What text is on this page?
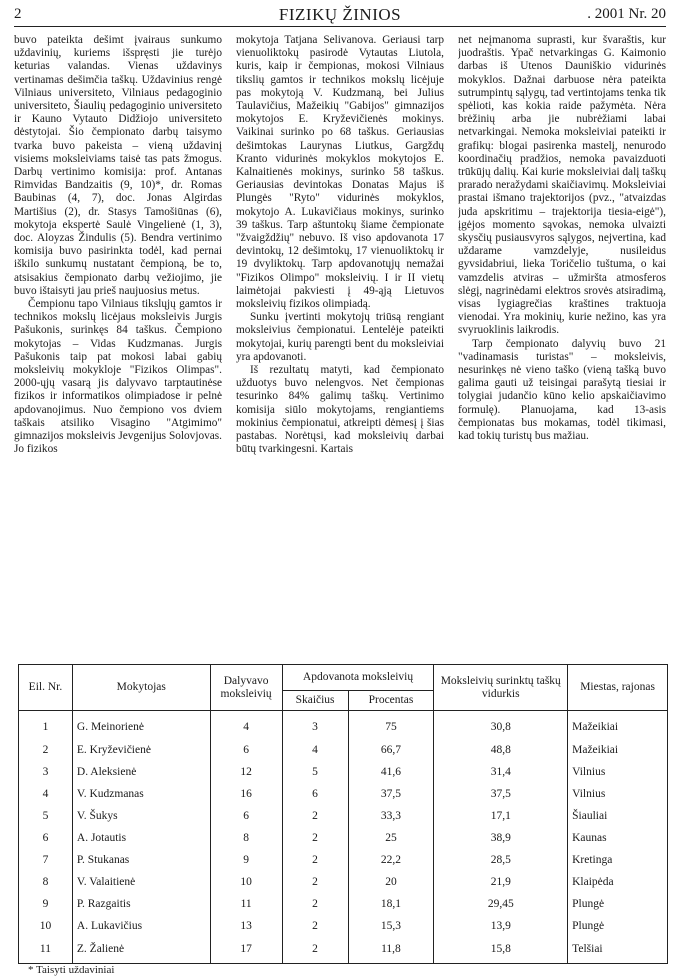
2	FIZIKŲ ŽINIOS	. 2001 Nr. 20

buvo pateikta dešimt įvairaus sunkumo uždavinių, kuriems išspręsti jie turėjo keturias valandas. Vienas uždavinys vertinamas dešimčia taškų. Uždavinius rengė Vilniaus universiteto, Vilniaus pedagoginio universiteto, Šiaulių pedagoginio universiteto ir Kauno Vytauto Didžiojo universiteto dėstytojai. Šio čempionato darbų taisymo tvarka buvo pakeista – vieną uždavinį visiems moksleiviams taisė tas pats žmogus. Darbų vertinimo komisija: prof. Antanas Rimvidas Bandzaitis (9, 10)*, dr. Romas Baubinas (4, 7), doc. Jonas Algirdas Martišius (2), dr. Stasys Tamošiūnas (6), mokytoja ekspertė Saulė Vingelienė (1, 3), doc. Aloyzas Žindulis (5). Bendra vertinimo komisija buvo pasirinkta todėl, kad pernai iškilo sunkumų nustatant čempioną, be to, atsisakius čempionato darbų vežiojimo, jie buvo ištaisyti jau prieš naujuosius metus.

Čempionu tapo Vilniaus tikslųjų gamtos ir technikos mokslų licėjaus moksleivis Jurgis Pašukonis, surinkęs 84 taškus. Čempiono mokytojas – Vidas Kudzmanas. Jurgis Pašukonis taip pat mokosi labai gabių moksleivių mokykloje "Fizikos Olimpas". 2000-ųjų vasarą jis dalyvavo tarptautinėse fizikos ir informatikos olimpiadose ir pelnė apdovanojimus. Nuo čempiono vos dviem taškais atsiliko Visagino "Atgimimo" gimnazijos moksleivis Jevgenijus Solovjovas. Jo fizikos

mokytoja Tatjana Selivanova. Geriausi tarp vienuoliktokų pasirodė Vytautas Liutola, kuris, kaip ir čempionas, mokosi Vilniaus tikslių gamtos ir technikos mokslų licėjuje pas mokytoją V. Kudzmaną, bei Julius Taulavičius, Mažeikių "Gabijos" gimnazijos mokytojos E. Kryževičienės mokinys. Vaikinai surinko po 68 taškus. Geriausias dešimtokas Laurynas Liutkus, Gargždų Kranto vidurinės mokyklos mokytojos E. Kalnaitienės mokinys, surinko 58 taškus. Geriausias devintokas Donatas Majus iš Plungės "Ryto" vidurinės mokyklos, mokytojo A. Lukavičiaus mokinys, surinko 39 taškus. Tarp aštuntokų šiame čempionate "žvaigždžių" nebuvo. Iš viso apdovanota 17 devintokų, 12 dešimtokų, 17 vienuoliktokų ir 19 dvyliktokų. Tarp apdovanotųjų nemažai "Fizikos Olimpo" moksleivių. I ir II vietų laimėtojai pakviesti į 49-ąją Lietuvos moksleivių fizikos olimpiadą.

Sunku įvertinti mokytojų triūsą rengiant moksleivius čempionatui. Lentelėje pateikti mokytojai, kurių parengti bent du moksleiviai yra apdovanoti.

Iš rezultatų matyti, kad čempionato užduotys buvo nelengvos. Net čempionas tesurinko 84% galimų taškų. Vertinimo komisija siūlo mokytojams, rengiantiems mokinius čempionatui, atkreipti dėmesį į šias pastabas. Norėtųsi, kad moksleivių darbai būtų tvarkingesni. Kartais

net neįmanoma suprasti, kur švaraštis, kur juodraštis. Ypač netvarkingas G. Kaimonio darbas iš Utenos Dauniškio vidurinės mokyklos. Dažnai darbuose nėra pateikta sutrumpintų sąlygų, tad vertintojams tenka tik spėlioti, kas kokia raide pažymėta. Nėra brėžinių arba jie nubrėžiami labai netvarkingai. Nemoka moksleiviai pateikti ir grafikų: blogai pasirenka mastelį, nenurodo koordinačių pradžios, nemoka pavaizduoti trūkūjų dalių. Kai kurie moksleiviai dalį taškų prarado neražydami skaičiavimų. Moksleiviai prastai išmano trajektorijos (pvz., "atvaizdas juda apskritimu – trajektorija tiesia-eigė"), įgėjos momento sąvokas, nemoka ulvaizti skysčių pusiausvyros sąlygos, nejvertina, kad uždarame vamzdelyje, nusileidus gyvsidabriui, lieka Toričelio tuštuma, o kai vamzdelis atviras – užmiršta atmosferos slėgį, nagrinėdami elektros srovės atsiradimą, visas lygiagrečias kraštines traktuoja vienodai. Yra mokinių, kurie nežino, kas yra svyruoklinis laikrodis.

Tarp čempionato dalyvių buvo 21 "vadinamasis turistas" – moksleivis, nesurinkęs nė vieno taško (vieną tašką buvo galima gauti už teisingai parašytą tiesiai ir tolygiai judančio kūno kelio apskaičiavimo formulę). Planuojama, kad 13-asis čempionatas bus mokamas, todėl tikimasi, kad tokių turistų bus mažiau.

Eil. Nr.	Mokytojas	Dalyvavo moksleivių	Apdovanota moksleivių		Moksleivių surinktų taškų vidurkis	Miestas, rajonas
			Skaičius	Procentas		
1	G. Meinorienė	4	3	75	30,8	Mažeikiai
2	E. Kryževičienė	6	4	66,7	48,8	Mažeikiai
3	D. Aleksienė	12	5	41,6	31,4	Vilnius
4	V. Kudzmanas	16	6	37,5	37,5	Vilnius
5	V. Šukys	6	2	33,3	17,1	Šiauliai
6	A. Jotautis	8	2	25	38,9	Kaunas
7	P. Stukanas	9	2	22,2	28,5	Kretinga
8	V. Valaitienė	10	2	20	21,9	Klaipėda
9	P. Razgaitis	11	2	18,1	29,45	Plungė
10	A. Lukavičius	13	2	15,3	13,9	Plungė
11	Z. Žalienė	17	2	11,8	15,8	Telšiai
* Taisyti uždaviniai
